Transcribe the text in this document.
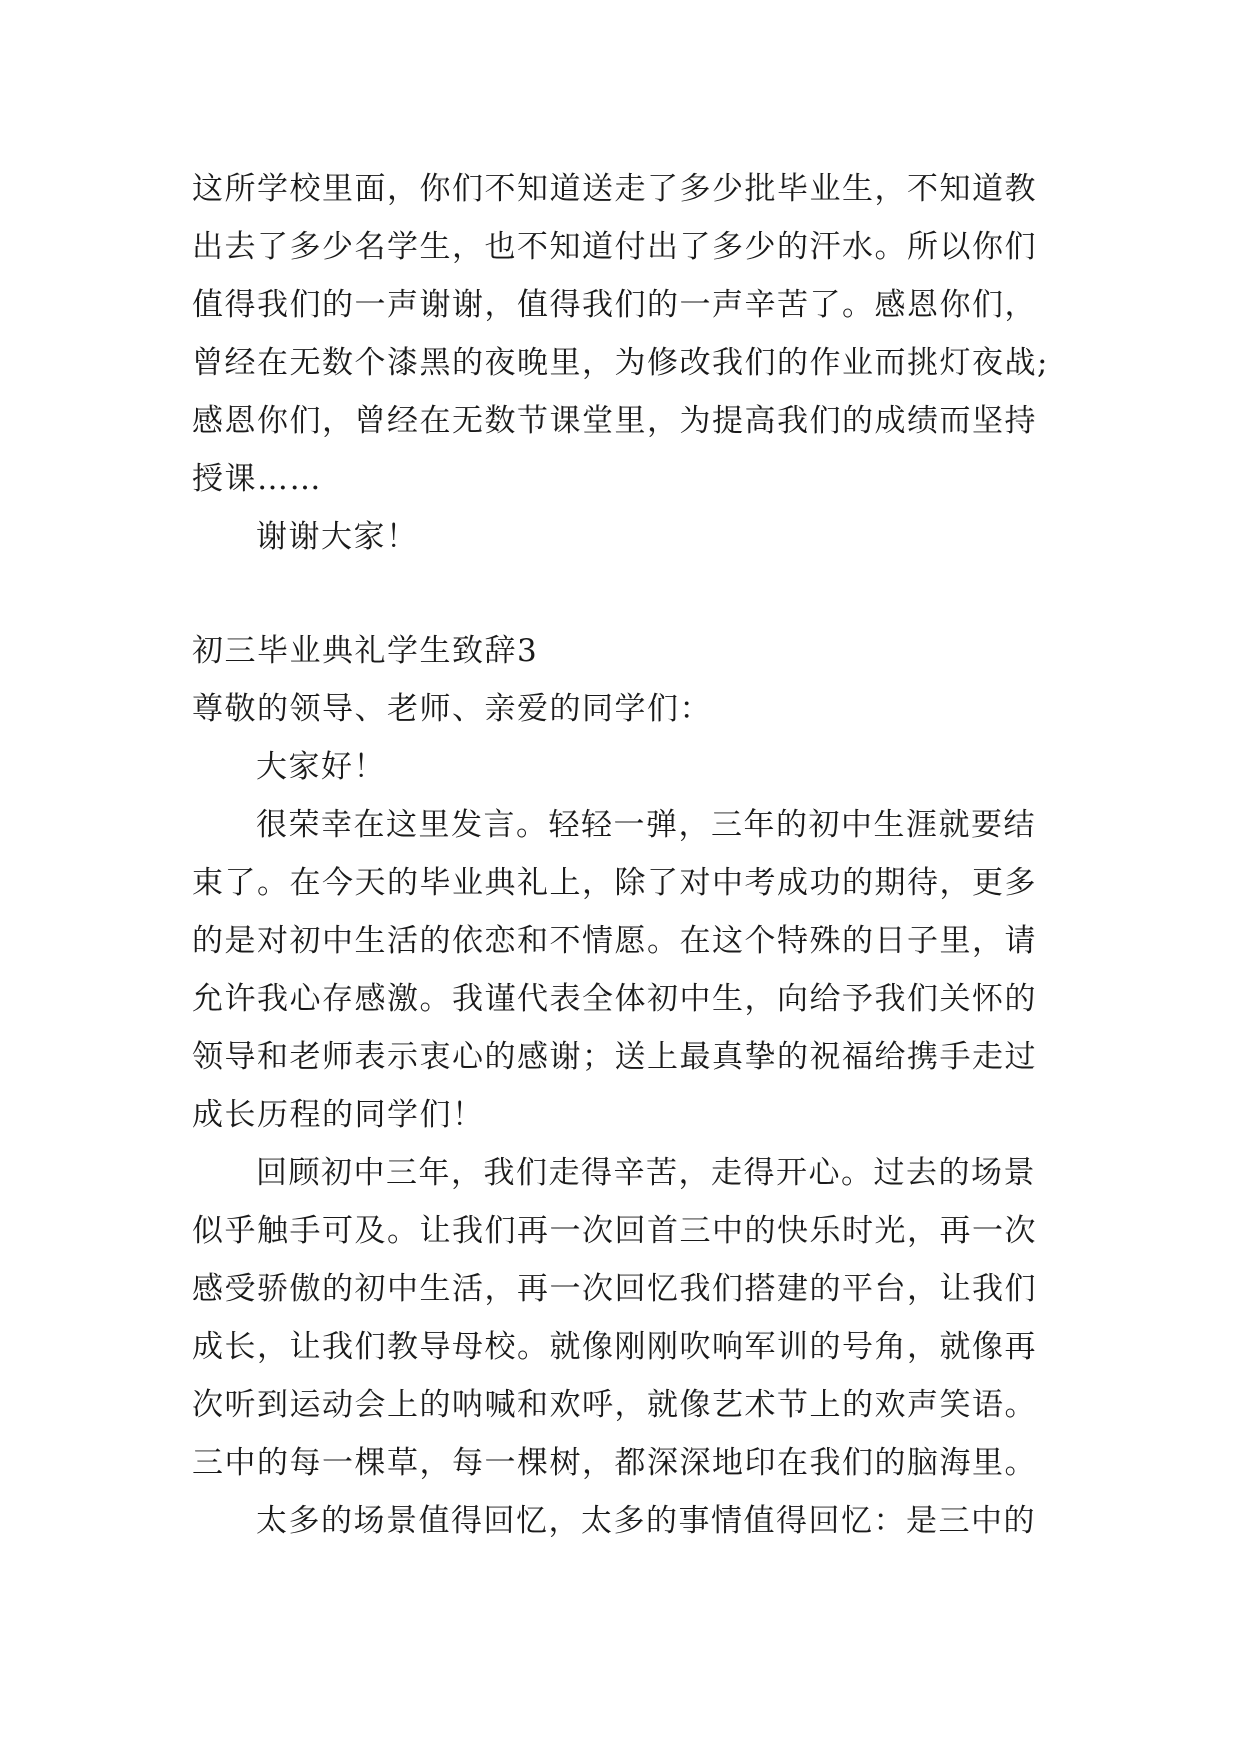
这所学校里面，你们不知道送走了多少批毕业生，不知道教
出去了多少名学生，也不知道付出了多少的汗水。所以你们
值得我们的一声谢谢，值得我们的一声辛苦了。感恩你们，
曾经在无数个漆黑的夜晚里，为修改我们的作业而挑灯夜战;
感恩你们，曾经在无数节课堂里，为提高我们的成绩而坚持
授课……
谢谢大家！
初三毕业典礼学生致辞3
尊敬的领导、老师、亲爱的同学们：
大家好！
很荣幸在这里发言。轻轻一弹，三年的初中生涯就要结
束了。在今天的毕业典礼上，除了对中考成功的期待，更多
的是对初中生活的依恋和不情愿。在这个特殊的日子里，请
允许我心存感激。我谨代表全体初中生，向给予我们关怀的
领导和老师表示衷心的感谢；送上最真挚的祝福给携手走过
成长历程的同学们！
回顾初中三年，我们走得辛苦，走得开心。过去的场景
似乎触手可及。让我们再一次回首三中的快乐时光，再一次
感受骄傲的初中生活，再一次回忆我们搭建的平台，让我们
成长，让我们教导母校。就像刚刚吹响军训的号角，就像再
次听到运动会上的呐喊和欢呼，就像艺术节上的欢声笑语。
三中的每一棵草，每一棵树，都深深地印在我们的脑海里。
太多的场景值得回忆，太多的事情值得回忆：是三中的
